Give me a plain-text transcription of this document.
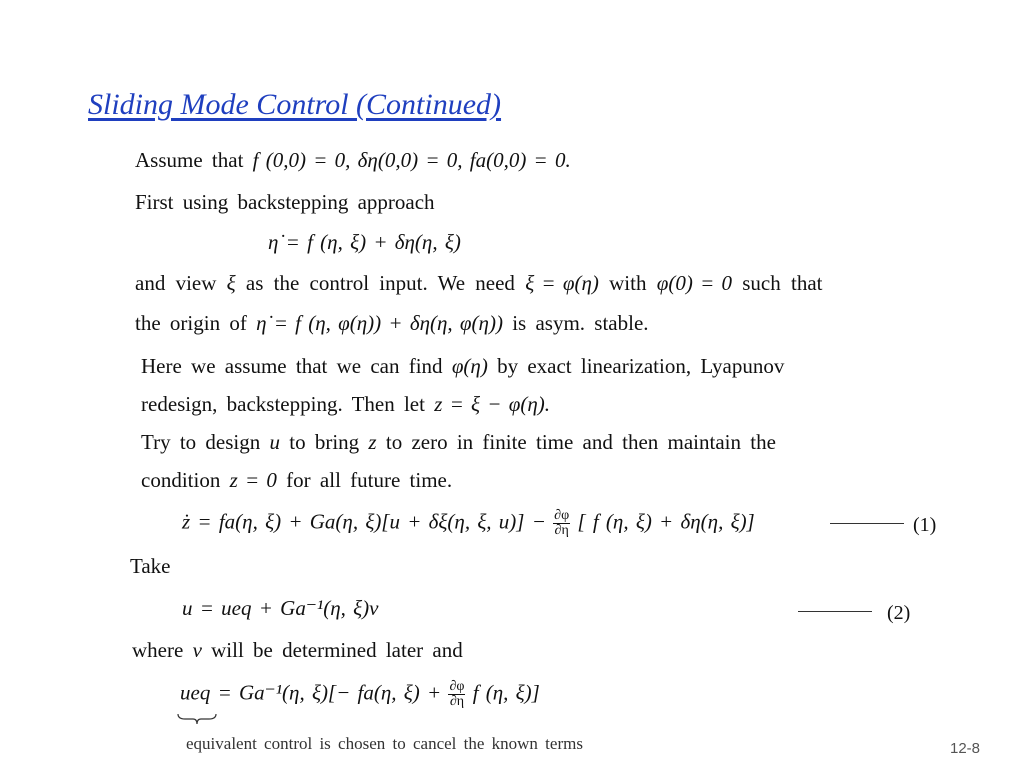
Sliding Mode Control (Continued)
Assume that f (0,0) = 0, δη(0,0) = 0, fa(0,0) = 0.
First using backstepping approach
η̇ = f (η, ξ) + δη(η, ξ)
and view ξ as the control input. We need ξ = φ(η) with φ(0) = 0 such that
the origin of η̇ = f (η, φ(η)) + δη(η, φ(η)) is asym. stable.
Here we assume that we can find φ(η) by exact linearization, Lyapunov
redesign, backstepping. Then let z = ξ − φ(η).
Try to design u to bring z to zero in finite time and then maintain the
condition z = 0 for all future time.
ż = fa(η, ξ) + Ga(η, ξ)[u + δξ(η, ξ, $u)] - \frac{\partial\varphi}{\partial\eta}$ [ f (η, ξ) + δη(η, ξ)]	(1)
Take
u = ueq + Ga⁻¹(η, ξ)v	(2)
where v will be determined later and
ueq = Ga⁻¹(η, ξ)[− fa(η, $\xi) + \frac{\partial\varphi}{\partial\eta}$ f (η, ξ)]
equivalent control is chosen to cancel the known terms	12-8
